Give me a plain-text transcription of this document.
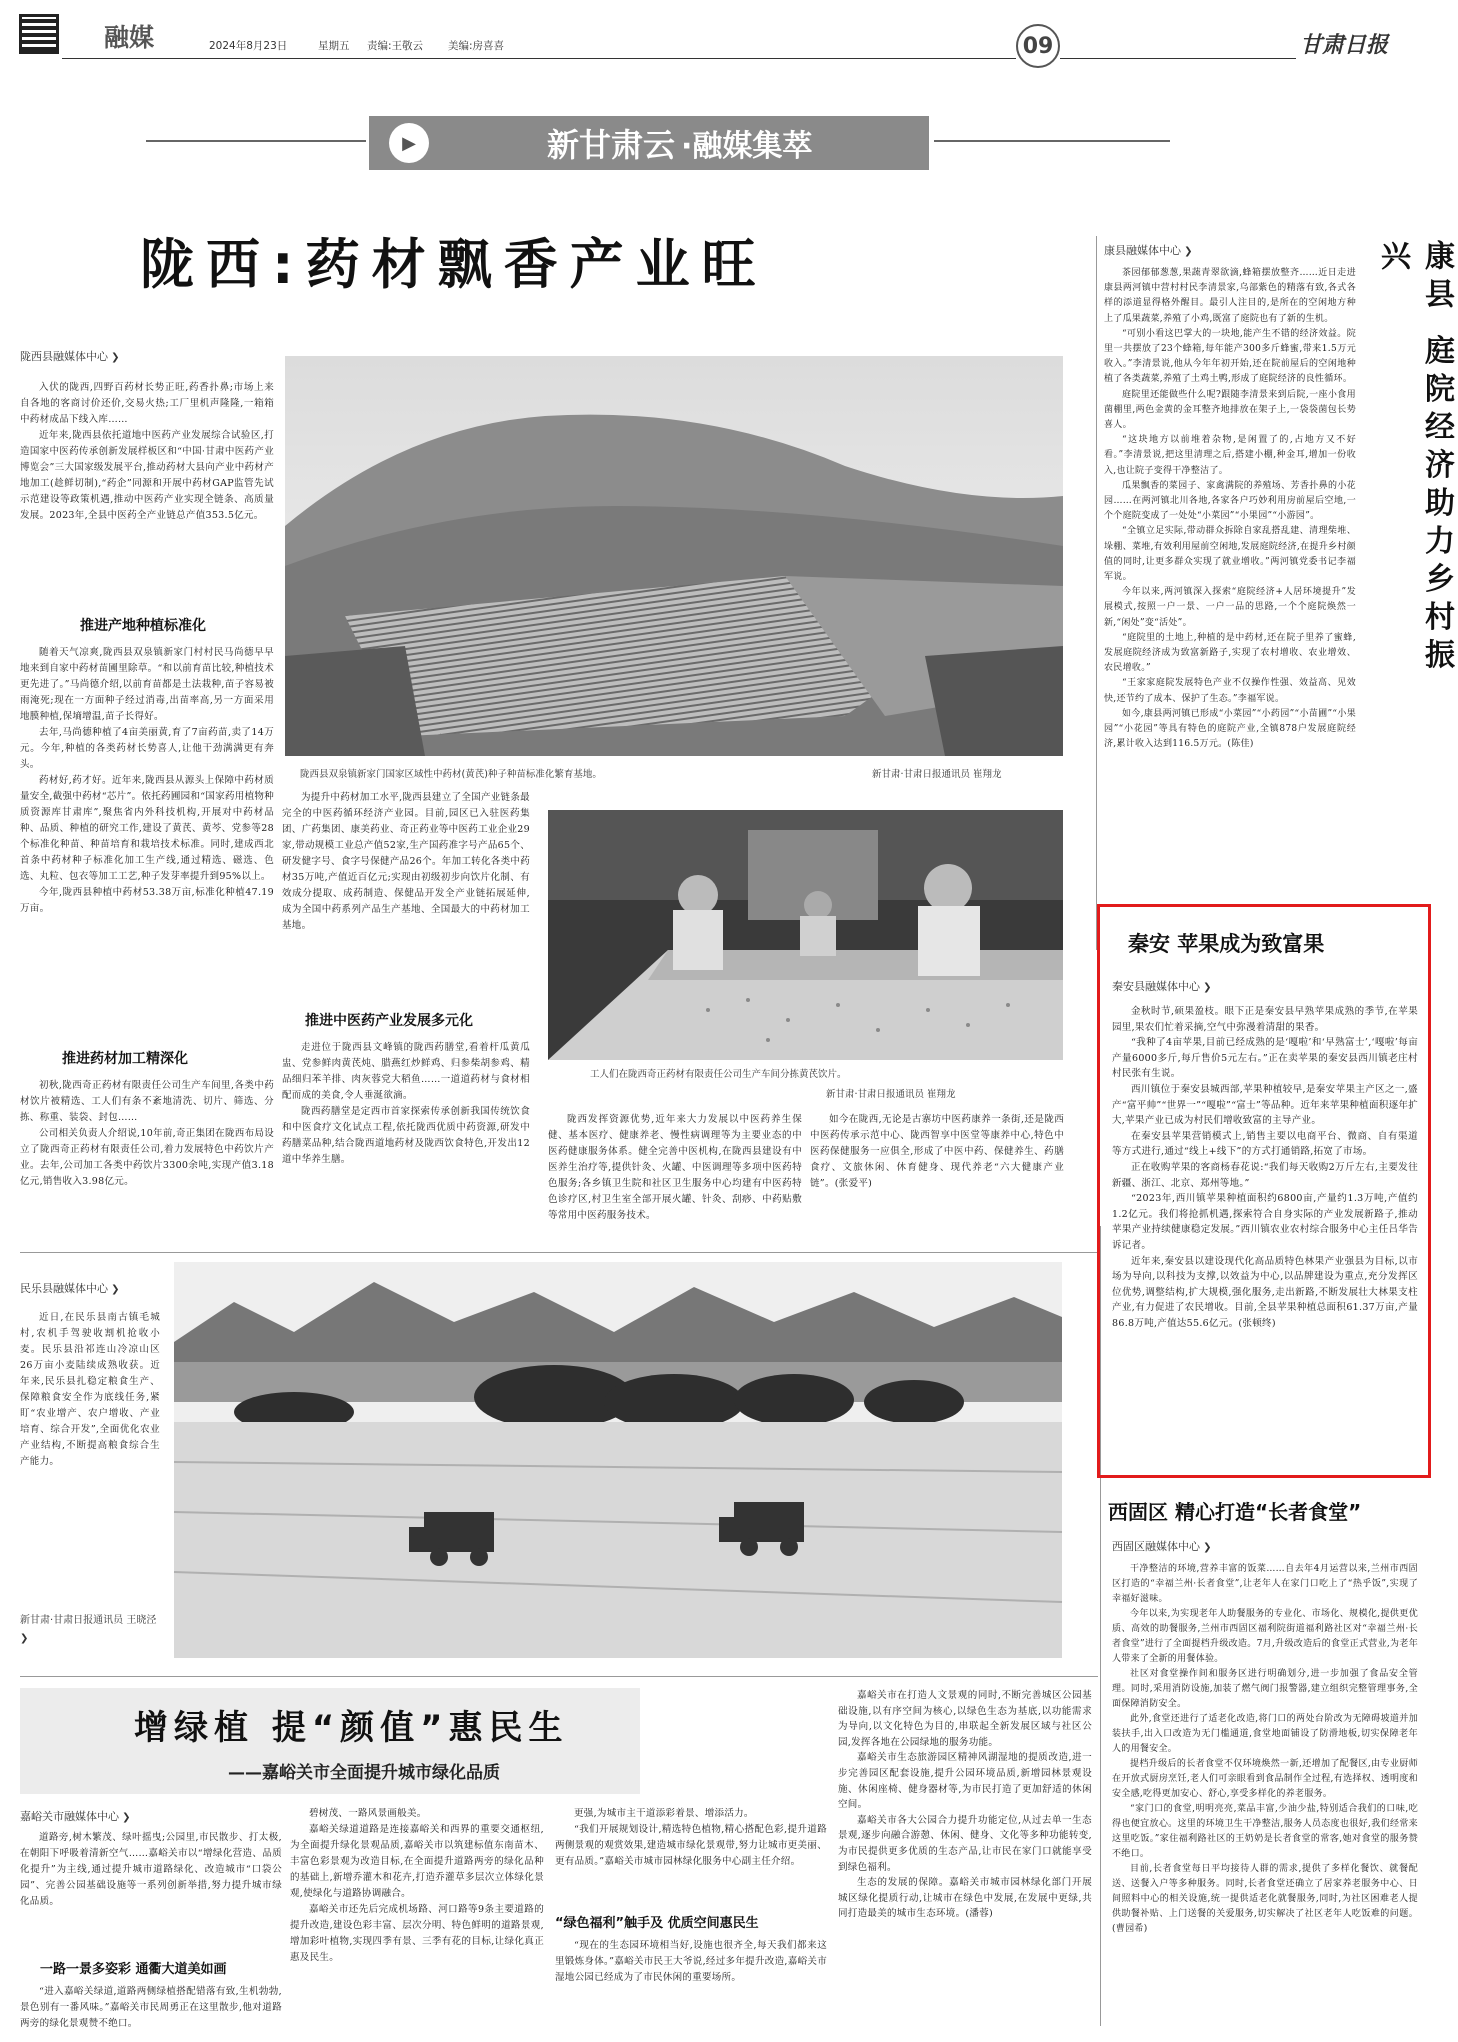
融媒	2024年8月23日	星期五 责编:王敬云 美编:房喜喜	09	甘肃日报
▶	新甘肃云 ·融媒集萃
陇西:药材飘香产业旺
陇西县融媒体中心 ❯

入伏的陇西,四野百药材长势正旺,药香扑鼻;市场上来自各地的客商讨价还价,交易火热;工厂里机声隆隆,一箱箱中药材成品下线入库……

近年来,陇西县依托道地中医药产业发展综合试验区,打造国家中医药传承创新发展样板区和“中国·甘肃中医药产业博览会”三大国家级发展平台,推动药材大县向产业中药材产地加工(趁鲜切制),“药企”同源和开展中药材GAP监管先试示范建设等政策机遇,推动中医药产业实现全链条、高质量发展。2023年,全县中医药全产业链总产值353.5亿元。

推进产地种植标准化

随着天气凉爽,陇西县双泉镇新家门村村民马尚德早早地来到自家中药材苗圃里除草。“和以前育苗比较,种植技术更先进了。”马尚德介绍,以前育苗都是土法栽种,苗子容易被雨淹死;现在一方面种子经过消毒,出苗率高,另一方面采用地膜种植,保墒增温,苗子长得好。

去年,马尚德种植了4亩美丽黄,育了7亩药苗,卖了14万元。今年,种植的各类药材长势喜人,让他干劲满满更有奔头。

药材好,药才好。近年来,陇西县从源头上保障中药材质量安全,截强中药材“芯片”。依托药圃园和“国家药用植物种质资源库甘肃库”,聚焦省内外科技机构,开展对中药材品种、品质、种植的研究工作,建设了黄芪、黄芩、党参等28个标准化种苗、种苗培育和栽培技术标准。同时,建成西北首条中药材种子标准化加工生产线,通过精选、磁选、色选、丸粒、包衣等加工工艺,种子发芽率提升到95%以上。

今年,陇西县种植中药材53.38万亩,标准化种植47.19万亩。

推进药材加工精深化

初秋,陇西奇正药材有限责任公司生产车间里,各类中药材饮片被精选、工人们有条不紊地清洗、切片、筛选、分拣、称重、装袋、封包……

公司相关负责人介绍说,10年前,奇正集团在陇西布局设立了陇西奇正药材有限责任公司,着力发展特色中药饮片产业。去年,公司加工各类中药饮片3300余吨,实现产值3.18亿元,销售收入3.98亿元。

陇西县双泉镇新家门国家区域性中药材(黄芪)种子种苗标准化繁育基地。	新甘肃·甘肃日报通讯员 崔翔龙

为提升中药材加工水平,陇西县建立了全国产业链条最完全的中医药循环经济产业园。目前,园区已入驻医药集团、广药集团、康美药业、奇正药业等中医药工业企业29家,带动规模工业总产值52家,生产国药准字号产品65个、研发健字号、食字号保健产品26个。年加工转化各类中药材35万吨,产值近百亿元;实现由初级初步向饮片化制、有效成分提取、成药制造、保健品开发全产业链拓展延伸,成为全国中药系列产品生产基地、全国最大的中药材加工基地。

推进中医药产业发展多元化

走进位于陇西县文峰镇的陇西药膳堂,看着杆瓜黄瓜盅、党参鲜肉黄芪炖、腊燕红炒鲜鸡、归参柴胡参鸡、精品细归苯羊排、肉灰蓉党大稻鱼……一道道药材与食材相配而成的美食,令人垂涎欲滴。

陇西药膳堂是定西市首家探索传承创新我国传统饮食和中医食疗文化试点工程,依托陇西优质中药资源,研发中药膳菜品种,结合陇西道地药材及陇西饮食特色,开发出12道中华养生膳。

工人们在陇西奇正药材有限责任公司生产车间分拣黄芪饮片。
新甘肃·甘肃日报通讯员 崔翔龙

陇西发挥资源优势,近年来大力发展以中医药养生保健、基本医疗、健康养老、慢性病调理等为主要业态的中医药健康服务体系。健全完善中医机构,在陇西县建设有中医养生治疗等,提供针灸、火罐、中医调理等多项中医药特色服务;各乡镇卫生院和社区卫生服务中心均建有中医药特色诊疗区,村卫生室全部开展火罐、针灸、刮痧、中药贴敷等常用中医药服务技术。

如今在陇西,无论是古寨坊中医药康养一条街,还是陇西中医药传承示范中心、陇西智享中医堂等康养中心,特色中医药保健服务一应俱全,形成了中医中药、保健养生、药膳食疗、文旅休闲、休育健身、现代养老“六大健康产业链”。(张爱平)

民乐县融媒体中心 ❯
近日,在民乐县南古镇毛城村,农机手驾驶收割机抢收小麦。民乐县沿祁连山冷凉山区26万亩小麦陆续成熟收获。近年来,民乐县扎稳定粮食生产、保障粮食安全作为底线任务,紧盯“农业增产、农户增收、产业培育、综合开发”,全面优化农业产业结构,不断提高粮食综合生产能力。
新甘肃·甘肃日报通讯员 王晓泾 ❯
康县融媒体中心 ❯	康县 庭院经济助力乡村振兴

茶园郁郁葱葱,果蔬青翠欲滴,蜂箱摆放整齐……近日走进康县两河镇中营村村民李清景家,乌部紫色的精落有致,各式各样的添道显得格外醒目。最引人注目的,是所在的空闲地方种上了瓜果蔬菜,养殖了小鸡,既富了庭院也有了新的生机。

“可别小看这巴掌大的一块地,能产生不错的经济效益。院里一共摆放了23个蜂箱,每年能产300多斤蜂蜜,带来1.5万元收入。”李清景说,他从今年年初开始,还在院前屋后的空闲地种植了各类蔬菜,养殖了土鸡土鸭,形成了庭院经济的良性循环。

庭院里还能做些什么呢?跟随李清景来到后院,一座小食用菌棚里,两色金黄的金耳整齐地排放在架子上,一袋袋菌包长势喜人。

“这块地方以前堆着杂物,是闲置了的,占地方又不好看。”李清景说,把这里清理之后,搭建小棚,种金耳,增加一份收入,也让院子变得干净整洁了。

瓜果飘香的菜园子、家禽满院的养殖场、芳香扑鼻的小花园……在两河镇北川各地,各家各户巧妙利用房前屋后空地,一个个庭院变成了一处处“小菜园”“小果园”“小游园”。

“全镇立足实际,带动群众拆除自家乱搭乱建、清理柴堆、垛棚、菜堆,有效利用屋前空闲地,发展庭院经济,在提升乡村颜值的同时,让更多群众实现了就业增收。”两河镇党委书记李福军说。

今年以来,两河镇深入探索“庭院经济+人居环境提升”发展模式,按照一户一景、一户一品的思路,一个个庭院焕然一新,“闲处”变“活处”。

“庭院里的土地上,种植的是中药材,还在院子里养了蜜蜂,发展庭院经济成为致富新路子,实现了农村增收、农业增效、农民增收。”

“王家家庭院发展特色产业不仅操作性强、效益高、见效快,还节约了成本、保护了生态。”李福军说。

如今,康县两河镇已形成“小菜园”“小药园”“小苗圃”“小果园”“小花园”等具有特色的庭院产业,全镇878户发展庭院经济,累计收入达到116.5万元。(陈佳)

秦安 苹果成为致富果
秦安县融媒体中心 ❯

金秋时节,硕果盈枝。眼下正是秦安县早熟苹果成熟的季节,在苹果园里,果农们忙着采摘,空气中弥漫着清甜的果香。

“我种了4亩苹果,目前已经成熟的是‘嘎啦’和‘早熟富士’,‘嘎啦’每亩产量6000多斤,每斤售价5元左右。”正在卖苹果的秦安县西川镇老庄村村民张有生说。

西川镇位于秦安县城西部,苹果种植较早,是秦安苹果主产区之一,盛产“富平帅”“世界一”“嘎啦”“富士”等品种。近年来苹果种植面积逐年扩大,苹果产业已成为村民们增收致富的主导产业。

在秦安县苹果营销模式上,销售主要以电商平台、微商、自有渠道等方式进行,通过“线上+线下”的方式打通销路,拓宽了市场。

正在收购苹果的客商杨春花说:“我们每天收购2万斤左右,主要发往新疆、浙江、北京、郑州等地。”

“2023年,西川镇苹果种植面积约6800亩,产量约1.3万吨,产值约1.2亿元。我们将抢抓机遇,探索符合自身实际的产业发展新路子,推动苹果产业持续健康稳定发展。”西川镇农业农村综合服务中心主任吕华告诉记者。

近年来,秦安县以建设现代化高品质特色林果产业强县为目标,以市场为导向,以科技为支撑,以效益为中心,以品牌建设为重点,充分发挥区位优势,调整结构,扩大规模,强化服务,走出新路,不断发展壮大林果支柱产业,有力促进了农民增收。目前,全县苹果种植总面积61.37万亩,产量86.8万吨,产值达55.6亿元。(张顿终)

西固区 精心打造“长者食堂”
西固区融媒体中心 ❯

干净整洁的环境,营养丰富的饭菜……自去年4月运营以来,兰州市西固区打造的“幸福兰州·长者食堂”,让老年人在家门口吃上了“热乎饭”,实现了幸福好滋味。

今年以来,为实现老年人助餐服务的专业化、市场化、规模化,提供更优质、高效的助餐服务,兰州市西固区福利院街道福利路社区对“幸福兰州·长者食堂”进行了全面提档升级改造。7月,升级改造后的食堂正式营业,为老年人带来了全新的用餐体验。

社区对食堂操作间和服务区进行明确划分,进一步加强了食品安全管理。同时,采用消防设施,加装了燃气阀门报警器,建立组织完整管理事务,全面保障消防安全。

此外,食堂还进行了适老化改造,将门口的两处台阶改为无障碍坡道并加装扶手,出入口改造为无门槛通道,食堂地面铺设了防滑地板,切实保障老年人的用餐安全。

提档升级后的长者食堂不仅环境焕然一新,还增加了配餐区,由专业厨师在开放式厨房烹饪,老人们可亲眼看到食品制作全过程,有选择权、透明度和安全感,吃得更加安心、舒心,享受多样化的养老服务。

“家门口的食堂,明明亮亮,菜品丰富,少油少盐,特别适合我们的口味,吃得也便宜放心。这里的环境卫生干净整洁,服务人员态度也很好,我们经常来这里吃饭。”家住福利路社区的王奶奶是长者食堂的常客,她对食堂的服务赞不绝口。

目前,长者食堂每日平均接待人群的需求,提供了多样化餐饮、就餐配送、送餐入户等多种服务。同时,长者食堂还确立了居家养老服务中心、日间照料中心的相关设施,统一提供适老化就餐服务,同时,为社区困难老人提供助餐补贴、上门送餐的关爱服务,切实解决了社区老年人吃饭难的问题。(曹园希)

增绿植 提“颜值”惠民生
——嘉峪关市全面提升城市绿化品质
嘉峪关市融媒体中心 ❯

道路旁,树木繁茂、绿叶摇曳;公园里,市民散步、打太极,在朝阳下呼吸着清新空气……嘉峪关市以“增绿化营造、品质化提升”为主线,通过提升城市道路绿化、改造城市“口袋公园”、完善公园基础设施等一系列创新举措,努力提升城市绿化品质。

一路一景多姿彩 通衢大道美如画

“进入嘉峪关绿道,道路两侧绿植搭配错落有致,生机勃勃,景色别有一番风味。”嘉峪关市民周勇正在这里散步,他对道路两旁的绿化景观赞不绝口。

碧树茂、一路风景画般美。

嘉峪关绿道道路是连接嘉峪关和西界的重要交通枢纽,为全面提升绿化景观品质,嘉峪关市以筑建标值东南苗木、丰富色彩景观为改造目标,在全面提升道路两旁的绿化品种的基础上,新增乔灌木和花卉,打造乔灌草多层次立体绿化景观,使绿化与道路协调融合。

嘉峪关市还先后完成机场路、河口路等9条主要道路的提升改造,建设色彩丰富、层次分明、特色鲜明的道路景观,增加彩叶植物,实现四季有景、三季有花的目标,让绿化真正惠及民生。

更强,为城市主干道添彩着景、增添活力。

“我们开展规划设计,精选特色植物,精心搭配色彩,提升道路两侧景观的观赏效果,建造城市绿化景观带,努力让城市更美丽、更有品质。”嘉峪关市城市园林绿化服务中心副主任介绍。

“绿色福利”触手及 优质空间惠民生

“现在的生态园环境相当好,设施也很齐全,每天我们都来这里锻炼身体。”嘉峪关市民王大爷说,经过多年提升改造,嘉峪关市湿地公园已经成为了市民休闲的重要场所。

嘉峪关市在打造人文景观的同时,不断完善城区公园基础设施,以有序空间为核心,以绿色生态为基底,以功能需求为导向,以文化特色为目的,串联起全新发展区域与社区公园,发挥各地在公园绿地的服务功能。

嘉峪关市生态旅游园区精神风湖湿地的提质改造,进一步完善园区配套设施,提升公园环境品质,新增园林景观设施、休闲座椅、健身器材等,为市民打造了更加舒适的休闲空间。

嘉峪关市各大公园合力提升功能定位,从过去单一生态景观,逐步向融合游憩、休闲、健身、文化等多种功能转变,为市民提供更多优质的生态产品,让市民在家门口就能享受到绿色福利。

生态的发展的保障。嘉峪关市城市园林绿化部门开展城区绿化提质行动,让城市在绿色中发展,在发展中更绿,共同打造最美的城市生态环境。(潘蓉)
